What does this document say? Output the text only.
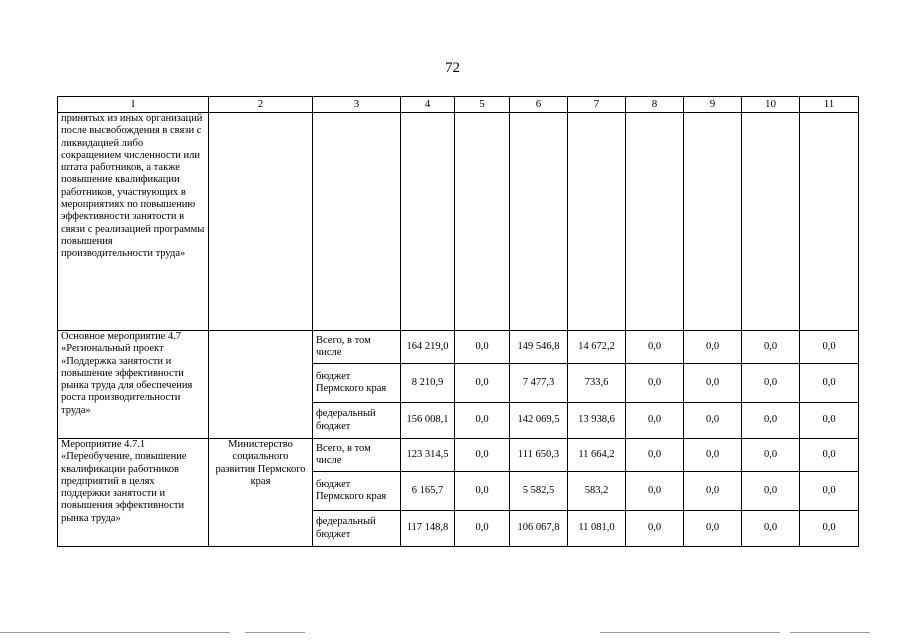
72
1	2	3	4	5	6	7	8	9	10	11
принятых из иных организаций после высвобождения в связи с ликвидацией либо сокращением численности или штата работников, а также повышение квалификации работников, участвующих в мероприятиях по повышению эффективности занятости в связи с реализацией программы повышения производительности труда»										
Основное мероприятие 4.7 «Региональный проект «Поддержка занятости и повышение эффективности рынка труда для обеспечения роста производительности труда»		Всего, в том числе	164 219,0	0,0	149 546,8	14 672,2	0,0	0,0	0,0	0,0
		бюджет Пермского края	8 210,9	0,0	7 477,3	733,6	0,0	0,0	0,0	0,0
		федеральный бюджет	156 008,1	0,0	142 069,5	13 938,6	0,0	0,0	0,0	0,0
Мероприятие 4.7.1 «Переобучение, повышение квалификации работников предприятий в целях поддержки занятости и повышения эффективности рынка труда»	Министерство социального развития Пермского края	Всего, в том числе	123 314,5	0,0	111 650,3	11 664,2	0,0	0,0	0,0	0,0
		бюджет Пермского края	6 165,7	0,0	5 582,5	583,2	0,0	0,0	0,0	0,0
		федеральный бюджет	117 148,8	0,0	106 067,8	11 081,0	0,0	0,0	0,0	0,0
